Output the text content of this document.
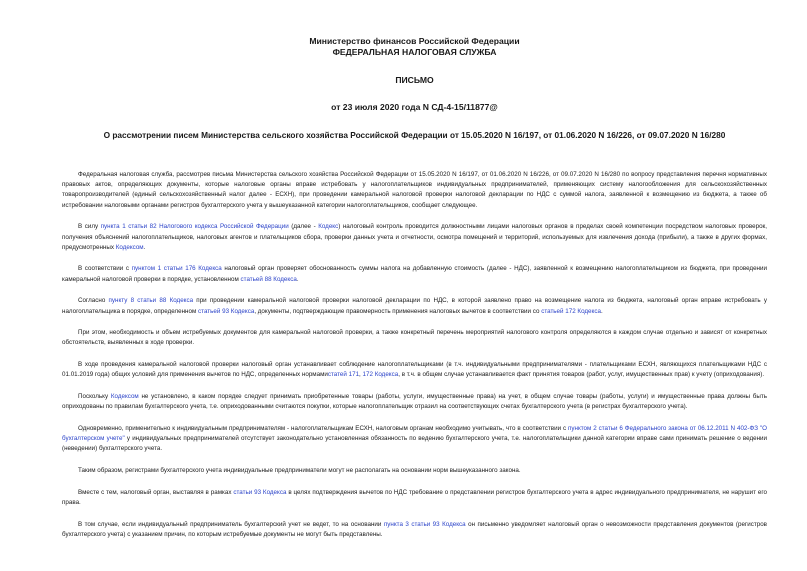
Министерство финансов Российской Федерации
ФЕДЕРАЛЬНАЯ НАЛОГОВАЯ СЛУЖБА
ПИСЬМО
от 23 июля 2020 года N СД-4-15/11877@
О рассмотрении писем Министерства сельского хозяйства Российской Федерации от 15.05.2020 N 16/197, от 01.06.2020 N 16/226, от 09.07.2020 N 16/280

Федеральная налоговая служба, рассмотрев письма Министерства сельского хозяйства Российской Федерации от 15.05.2020 N 16/197, от 01.06.2020 N 16/226, от 09.07.2020 N 16/280 по вопросу представления перечня нормативных правовых актов, определяющих документы, которые налоговые органы вправе истребовать у налогоплательщиков индивидуальных предпринимателей, применяющих систему налогообложения для сельскохозяйственных товаропроизводителей (единый сельскохозяйственный налог далее - ЕСХН), при проведении камеральной налоговой проверки налоговой декларации по НДС с суммой налога, заявленной к возмещению из бюджета, а также об истребовании налоговыми органами регистров бухгалтерского учета у вышеуказанной категории налогоплательщиков, сообщает следующее.

В силу пункта 1 статьи 82 Налогового кодекса Российской Федерации (далее - Кодекс) налоговый контроль проводится должностными лицами налоговых органов в пределах своей компетенции посредством налоговых проверок, получения объяснений налогоплательщиков, налоговых агентов и плательщиков сбора, проверки данных учета и отчетности, осмотра помещений и территорий, используемых для извлечения дохода (прибыли), а также в других формах, предусмотренных Кодексом.

В соответствии с пунктом 1 статьи 176 Кодекса налоговый орган проверяет обоснованность суммы налога на добавленную стоимость (далее - НДС), заявленной к возмещению налогоплательщиком из бюджета, при проведении камеральной налоговой проверки в порядке, установленном статьей 88 Кодекса.

Согласно пункту 8 статьи 88 Кодекса при проведении камеральной налоговой проверки налоговой декларации по НДС, в которой заявлено право на возмещение налога из бюджета, налоговый орган вправе истребовать у налогоплательщика в порядке, определенном статьей 93 Кодекса, документы, подтверждающие правомерность применения налоговых вычетов в соответствии со статьей 172 Кодекса.

При этом, необходимость и объем истребуемых документов для камеральной налоговой проверки, а также конкретный перечень мероприятий налогового контроля определяются в каждом случае отдельно и зависят от конкретных обстоятельств, выявленных в ходе проверки.

В ходе проведения камеральной налоговой проверки налоговый орган устанавливает соблюдение налогоплательщиками (в т.ч. индивидуальными предпринимателями - плательщиками ЕСХН, являющихся плательщиками НДС с 01.01.2019 года) общих условий для применения вычетов по НДС, определенных нормамистатей 171, 172 Кодекса, в т.ч. в общем случае устанавливается факт принятия товаров (работ, услуг, имущественных прав) к учету (оприходования).

Поскольку Кодексом не установлено, в каком порядке следует принимать приобретенные товары (работы, услуги, имущественные права) на учет, в общем случае товары (работы, услуги) и имущественные права должны быть оприходованы по правилам бухгалтерского учета, т.е. оприходованными считаются покупки, которые налогоплательщик отразил на соответствующих счетах бухгалтерского учета (в регистрах бухгалтерского учета).

Одновременно, применительно к индивидуальным предпринимателям - налогоплательщикам ЕСХН, налоговым органам необходимо учитывать, что в соответствии с пунктом 2 статьи 6 Федерального закона от 06.12.2011 N 402-ФЗ "О бухгалтерском учете" у индивидуальных предпринимателей отсутствует законодательно установленная обязанность по ведению бухгалтерского учета, т.е. налогоплательщики данной категории вправе сами принимать решение о ведении (неведении) бухгалтерского учета.

Таким образом, регистрами бухгалтерского учета индивидуальные предприниматели могут не располагать на основании норм вышеуказанного закона.

Вместе с тем, налоговый орган, выставляя в рамках статьи 93 Кодекса в целях подтверждения вычетов по НДС требование о представлении регистров бухгалтерского учета в адрес индивидуального предпринимателя, не нарушит его права.

В том случае, если индивидуальный предприниматель бухгалтерский учет не ведет, то на основании пункта 3 статьи 93 Кодекса он письменно уведомляет налоговый орган о невозможности представления документов (регистров бухгалтерского учета) с указанием причин, по которым истребуемые документы не могут быть представлены.
